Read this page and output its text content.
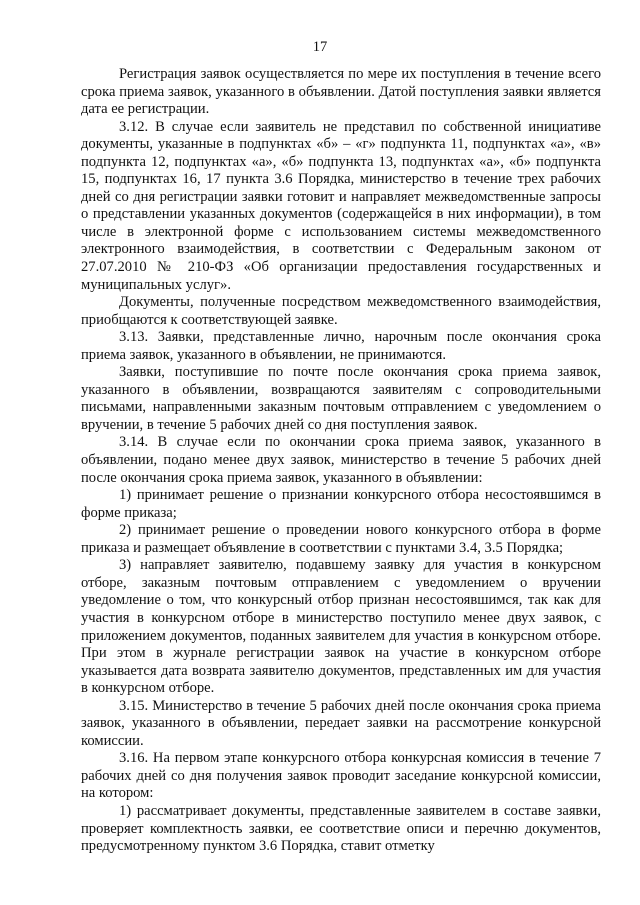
17

Регистрация заявок осуществляется по мере их поступления в течение всего срока приема заявок, указанного в объявлении. Датой поступления заявки является дата ее регистрации.

3.12. В случае если заявитель не представил по собственной инициативе документы, указанные в подпунктах «б» – «г» подпункта 11, подпунктах «а», «в» подпункта 12, подпунктах «а», «б» подпункта 13, подпунктах «а», «б» подпункта 15, подпунктах 16, 17 пункта 3.6 Порядка, министерство в течение трех рабочих дней со дня регистрации заявки готовит и направляет межведомственные запросы о представлении указанных документов (содержащейся в них информации), в том числе в электронной форме с использованием системы межведомственного электронного взаимодействия, в соответствии с Федеральным законом от 27.07.2010 № 210-ФЗ «Об организации предоставления государственных и муниципальных услуг».

Документы, полученные посредством межведомственного взаимодействия, приобщаются к соответствующей заявке.

3.13. Заявки, представленные лично, нарочным после окончания срока приема заявок, указанного в объявлении, не принимаются.

Заявки, поступившие по почте после окончания срока приема заявок, указанного в объявлении, возвращаются заявителям с сопроводительными письмами, направленными заказным почтовым отправлением с уведомлением о вручении, в течение 5 рабочих дней со дня поступления заявок.

3.14. В случае если по окончании срока приема заявок, указанного в объявлении, подано менее двух заявок, министерство в течение 5 рабочих дней после окончания срока приема заявок, указанного в объявлении:

1) принимает решение о признании конкурсного отбора несостоявшимся в форме приказа;

2) принимает решение о проведении нового конкурсного отбора в форме приказа и размещает объявление в соответствии с пунктами 3.4, 3.5 Порядка;

3) направляет заявителю, подавшему заявку для участия в конкурсном отборе, заказным почтовым отправлением с уведомлением о вручении уведомление о том, что конкурсный отбор признан несостоявшимся, так как для участия в конкурсном отборе в министерство поступило менее двух заявок, с приложением документов, поданных заявителем для участия в конкурсном отборе. При этом в журнале регистрации заявок на участие в конкурсном отборе указывается дата возврата заявителю документов, представленных им для участия в конкурсном отборе.

3.15. Министерство в течение 5 рабочих дней после окончания срока приема заявок, указанного в объявлении, передает заявки на рассмотрение конкурсной комиссии.

3.16. На первом этапе конкурсного отбора конкурсная комиссия в течение 7 рабочих дней со дня получения заявок проводит заседание конкурсной комиссии, на котором:

1) рассматривает документы, представленные заявителем в составе заявки, проверяет комплектность заявки, ее соответствие описи и перечню документов, предусмотренному пунктом 3.6 Порядка, ставит отметку
